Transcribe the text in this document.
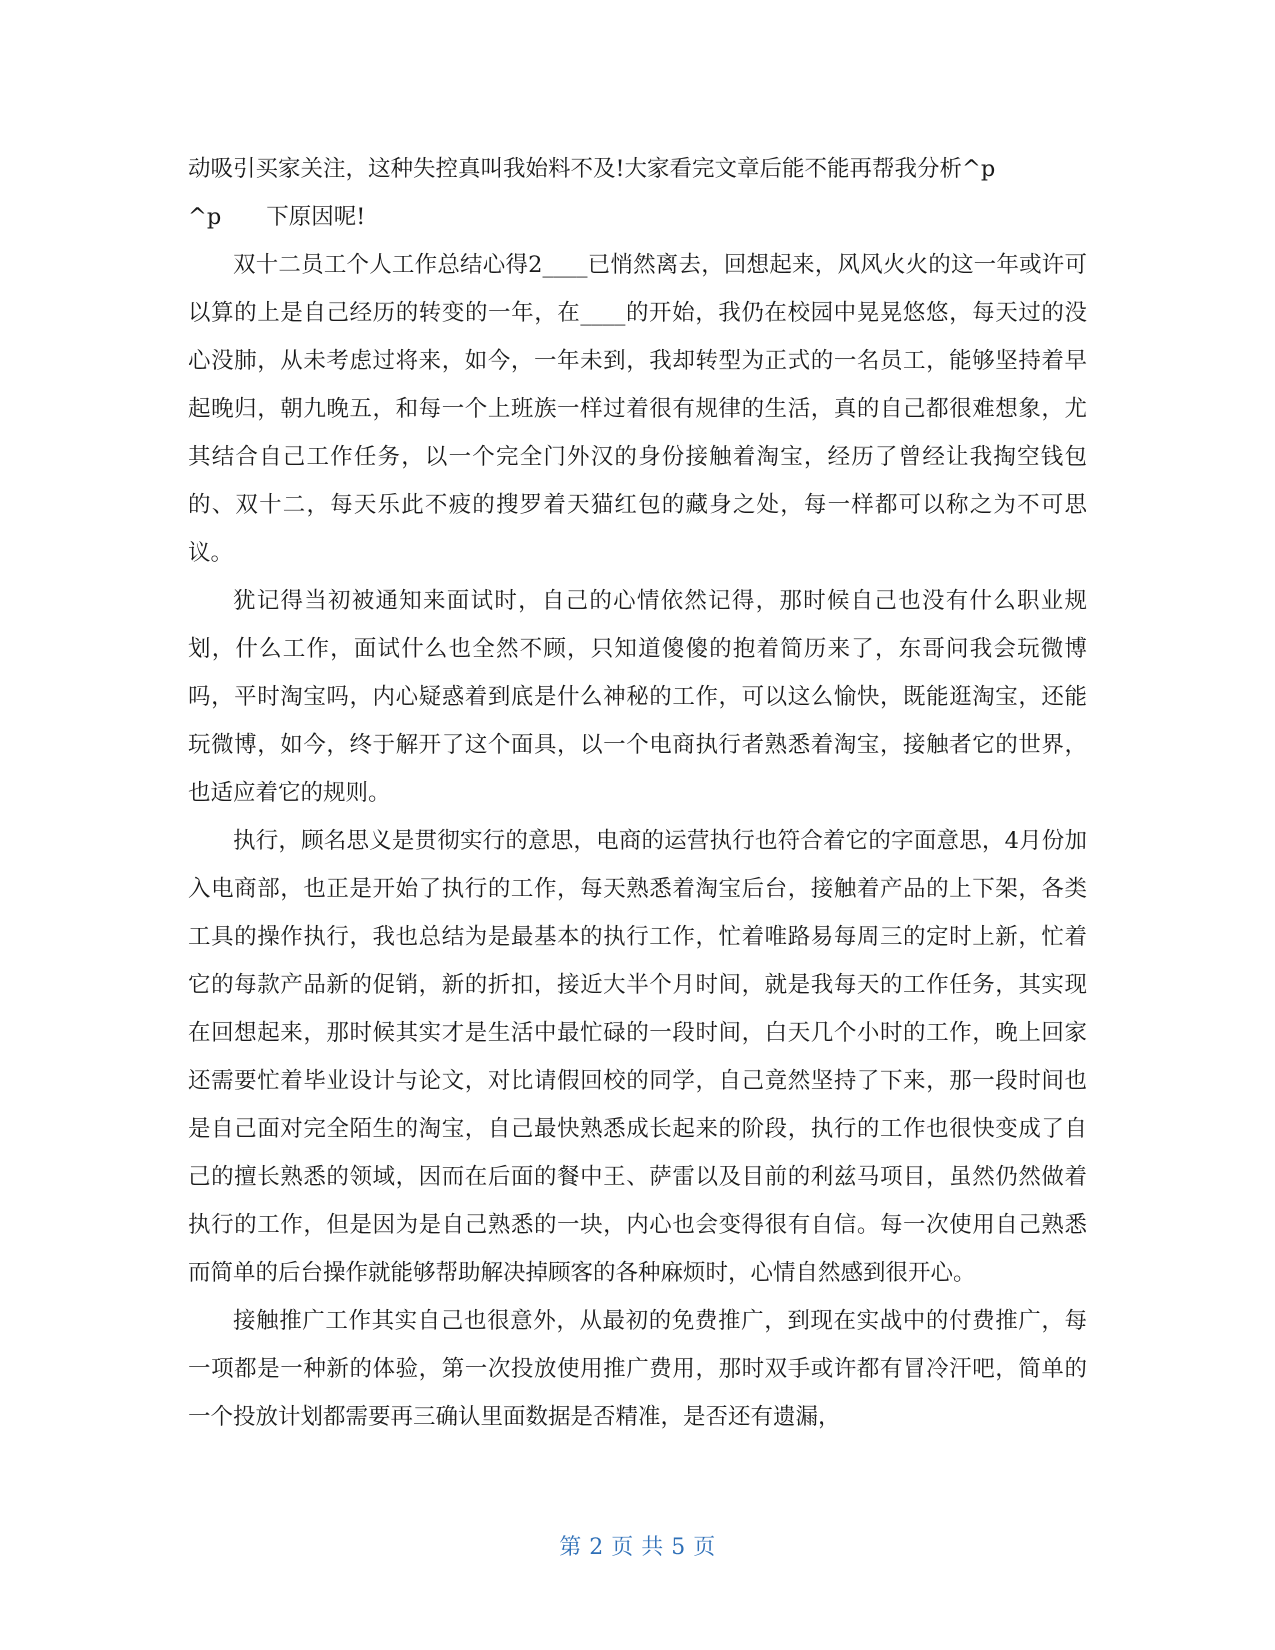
动吸引买家关注，这种失控真叫我始料不及!大家看完文章后能不能再帮我分析^p
^p　　下原因呢!

双十二员工个人工作总结心得2____已悄然离去，回想起来，风风火火的这一年或许可以算的上是自己经历的转变的一年，在____的开始，我仍在校园中晃晃悠悠，每天过的没心没肺，从未考虑过将来，如今，一年未到，我却转型为正式的一名员工，能够坚持着早起晚归，朝九晚五，和每一个上班族一样过着很有规律的生活，真的自己都很难想象，尤其结合自己工作任务，以一个完全门外汉的身份接触着淘宝，经历了曾经让我掏空钱包的、双十二，每天乐此不疲的搜罗着天猫红包的藏身之处，每一样都可以称之为不可思议。

犹记得当初被通知来面试时，自己的心情依然记得，那时候自己也没有什么职业规划，什么工作，面试什么也全然不顾，只知道傻傻的抱着简历来了，东哥问我会玩微博吗，平时淘宝吗，内心疑惑着到底是什么神秘的工作，可以这么愉快，既能逛淘宝，还能玩微博，如今，终于解开了这个面具，以一个电商执行者熟悉着淘宝，接触者它的世界，也适应着它的规则。

执行，顾名思义是贯彻实行的意思，电商的运营执行也符合着它的字面意思，4月份加入电商部，也正是开始了执行的工作，每天熟悉着淘宝后台，接触着产品的上下架，各类工具的操作执行，我也总结为是最基本的执行工作，忙着唯路易每周三的定时上新，忙着它的每款产品新的促销，新的折扣，接近大半个月时间，就是我每天的工作任务，其实现在回想起来，那时候其实才是生活中最忙碌的一段时间，白天几个小时的工作，晚上回家还需要忙着毕业设计与论文，对比请假回校的同学，自己竟然坚持了下来，那一段时间也是自己面对完全陌生的淘宝，自己最快熟悉成长起来的阶段，执行的工作也很快变成了自己的擅长熟悉的领域，因而在后面的餐中王、萨雷以及目前的利兹马项目，虽然仍然做着执行的工作，但是因为是自己熟悉的一块，内心也会变得很有自信。每一次使用自己熟悉而简单的后台操作就能够帮助解决掉顾客的各种麻烦时，心情自然感到很开心。

接触推广工作其实自己也很意外，从最初的免费推广，到现在实战中的付费推广，每一项都是一种新的体验，第一次投放使用推广费用，那时双手或许都有冒冷汗吧，简单的一个投放计划都需要再三确认里面数据是否精准，是否还有遗漏，

第 2 页 共 5 页
